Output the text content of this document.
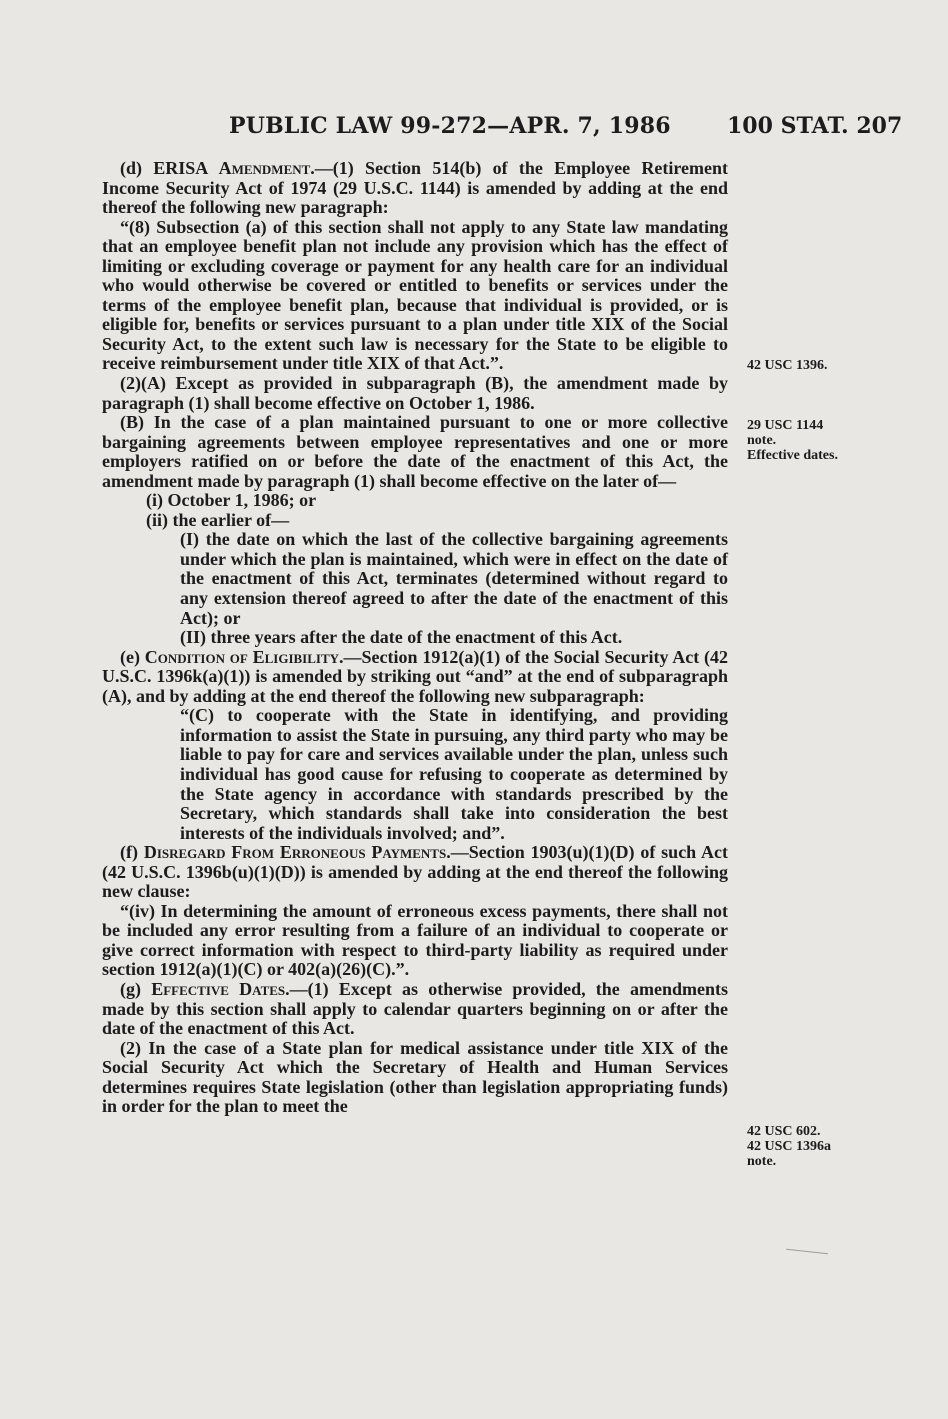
PUBLIC LAW 99-272—APR. 7, 1986	100 STAT. 207

(d) ERISA Amendment.—(1) Section 514(b) of the Employee Retirement Income Security Act of 1974 (29 U.S.C. 1144) is amended by adding at the end thereof the following new paragraph:

“(8) Subsection (a) of this section shall not apply to any State law mandating that an employee benefit plan not include any provision which has the effect of limiting or excluding coverage or payment for any health care for an individual who would otherwise be covered or entitled to benefits or services under the terms of the employee benefit plan, because that individual is provided, or is eligible for, benefits or services pursuant to a plan under title XIX of the Social Security Act, to the extent such law is necessary for the State to be eligible to receive reimbursement under title XIX of that Act.”.

(2)(A) Except as provided in subparagraph (B), the amendment made by paragraph (1) shall become effective on October 1, 1986.

(B) In the case of a plan maintained pursuant to one or more collective bargaining agreements between employee representatives and one or more employers ratified on or before the date of the enactment of this Act, the amendment made by paragraph (1) shall become effective on the later of—

(i) October 1, 1986; or

(ii) the earlier of—

(I) the date on which the last of the collective bargaining agreements under which the plan is maintained, which were in effect on the date of the enactment of this Act, terminates (determined without regard to any extension thereof agreed to after the date of the enactment of this Act); or

(II) three years after the date of the enactment of this Act.

(e) Condition of Eligibility.—Section 1912(a)(1) of the Social Security Act (42 U.S.C. 1396k(a)(1)) is amended by striking out “and” at the end of subparagraph (A), and by adding at the end thereof the following new subparagraph:

“(C) to cooperate with the State in identifying, and providing information to assist the State in pursuing, any third party who may be liable to pay for care and services available under the plan, unless such individual has good cause for refusing to cooperate as determined by the State agency in accordance with standards prescribed by the Secretary, which standards shall take into consideration the best interests of the individuals involved; and”.

(f) Disregard From Erroneous Payments.—Section 1903(u)(1)(D) of such Act (42 U.S.C. 1396b(u)(1)(D)) is amended by adding at the end thereof the following new clause:

“(iv) In determining the amount of erroneous excess payments, there shall not be included any error resulting from a failure of an individual to cooperate or give correct information with respect to third-party liability as required under section 1912(a)(1)(C) or 402(a)(26)(C).”.

(g) Effective Dates.—(1) Except as otherwise provided, the amendments made by this section shall apply to calendar quarters beginning on or after the date of the enactment of this Act.

(2) In the case of a State plan for medical assistance under title XIX of the Social Security Act which the Secretary of Health and Human Services determines requires State legislation (other than legislation appropriating funds) in order for the plan to meet the

42 USC 1396.
29 USC 1144
note.
Effective dates.
42 USC 602.
42 USC 1396a
note.
